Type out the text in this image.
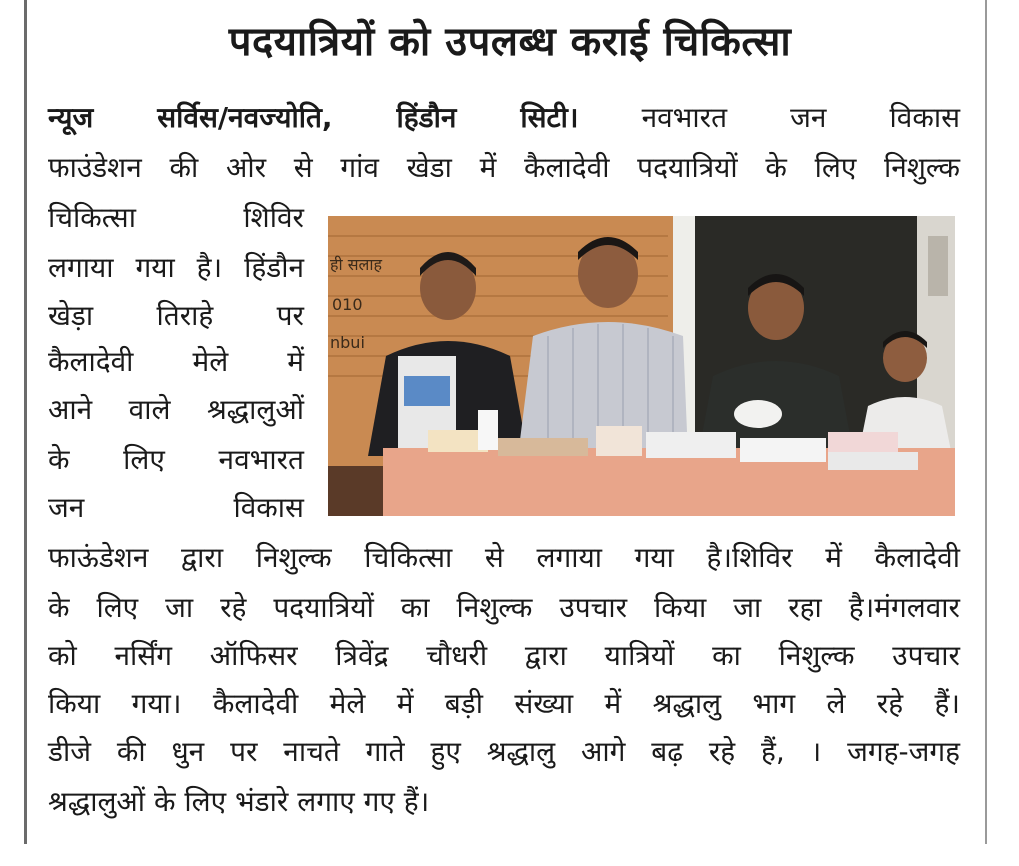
पदयात्रियों को उपलब्ध कराई चिकित्सा
न्यूज सर्विस/नवज्योति, हिंडौन सिटी। नवभारत जन विकास
फाउंडेशन की ओर से गांव खेडा में कैलादेवी पदयात्रियों के लिए निशुल्क
चिकित्सा शिविर
लगाया गया है। हिंडौन
खेड़ा तिराहे पर
कैलादेवी मेले में
आने वाले श्रद्धालुओं
के लिए नवभारत
जन विकास
फाऊंडेशन द्वारा निशुल्क चिकित्सा से लगाया गया है।शिविर में कैलादेवी
के लिए जा रहे पदयात्रियों का निशुल्क उपचार किया जा रहा है।मंगलवार
को नर्सिंग ऑफिसर त्रिवेंद्र चौधरी द्वारा यात्रियों का निशुल्क उपचार
किया गया। कैलादेवी मेले में बड़ी संख्या में श्रद्धालु भाग ले रहे हैं।
डीजे की धुन पर नाचते गाते हुए श्रद्धालु आगे बढ़ रहे हैं, । जगह-जगह
श्रद्धालुओं के लिए भंडारे लगाए गए हैं।
ही सलाह
010
nbui
